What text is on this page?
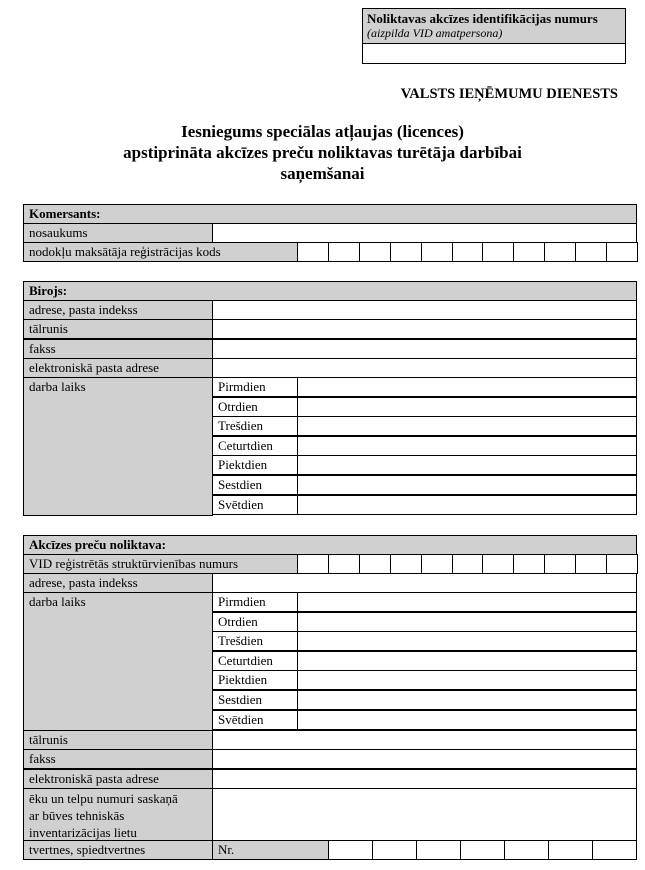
Noliktavas akcīzes identifikācijas numurs
(aizpilda VID amatpersona)
VALSTS IEŅĒMUMU DIENESTS
Iesniegums speciālas atļaujas (licences)
apstiprināta akcīzes preču noliktavas turētāja darbībai
saņemšanai
Komersants:
nosaukums
nodokļu maksātāja reģistrācijas kods
Birojs:
adrese, pasta indekss
tālrunis
fakss
elektroniskā pasta adrese
darba laiks	Pirmdien
Otrdien
Trešdien
Ceturtdien
Piektdien
Sestdien
Svētdien
Akcīzes preču noliktava:
VID reģistrētās struktūrvienības numurs
adrese, pasta indekss
darba laiks	Pirmdien
Otrdien
Trešdien
Ceturtdien
Piektdien
Sestdien
Svētdien
tālrunis
fakss
elektroniskā pasta adrese
ēku un telpu numuri saskaņā
ar būves tehniskās
inventarizācijas lietu
tvertnes, spiedtvertnes	Nr.
